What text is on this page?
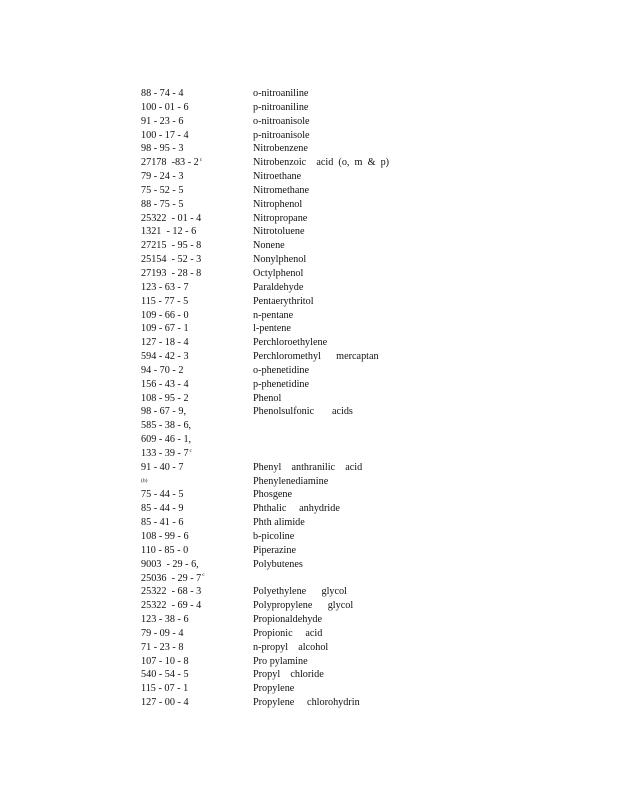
88 - 74 - 4	o-nitroaniline
100 - 01 - 6	p-nitroaniline
91 - 23 - 6	o-nitroanisole
100 - 17 - 4	p-nitroanisole
98 - 95 - 3	Nitrobenzene
27178  -83 - 2$^c$	Nitrobenzoic    acid  (o,  m  &  p)
79 - 24 - 3	Nitroethane
75 - 52 - 5	Nitromethane
88 - 75 - 5	Nitrophenol
25322  - 01 - 4	Nitropropane
1321  - 12 - 6	Nitrotoluene
27215  - 95 - 8	Nonene
25154  - 52 - 3	Nonylphenol
27193  - 28 - 8	Octylphenol
123 - 63 - 7	Paraldehyde
115 - 77 - 5	Pentaerythritol
109 - 66 - 0	n-pentane
109 - 67 - 1	l-pentene
127 - 18 - 4	Perchloroethylene
594 - 42 - 3	Perchloromethyl      mercaptan
94 - 70 - 2	o-phenetidine
156 - 43 - 4	p-phenetidine
108 - 95 - 2	Phenol
98 - 67 - 9,	Phenolsulfonic       acids
585 - 38 - 6,
609 - 46 - 1,
133 - 39 - 7$^c$
91 - 40 - 7	Phenyl    anthranilic    acid
(b)	Phenylenediamine
75 - 44 - 5	Phosgene
85 - 44 - 9	Phthalic     anhydride
85 - 41 - 6	Phth alimide
108 - 99 - 6	b-picoline
110 - 85 - 0	Piperazine
9003  - 29 - 6,	Polybutenes
25036  - 29 - 7$^c$
25322  - 68 - 3	Polyethylene      glycol
25322  - 69 - 4	Polypropylene      glycol
123 - 38 - 6	Propionaldehyde
79 - 09 - 4	Propionic     acid
71 - 23 - 8	n-propyl    alcohol
107 - 10 - 8	Pro pylamine
540 - 54 - 5	Propyl    chloride
115 - 07 - 1	Propylene
127 - 00 - 4	Propylene     chlorohydrin
